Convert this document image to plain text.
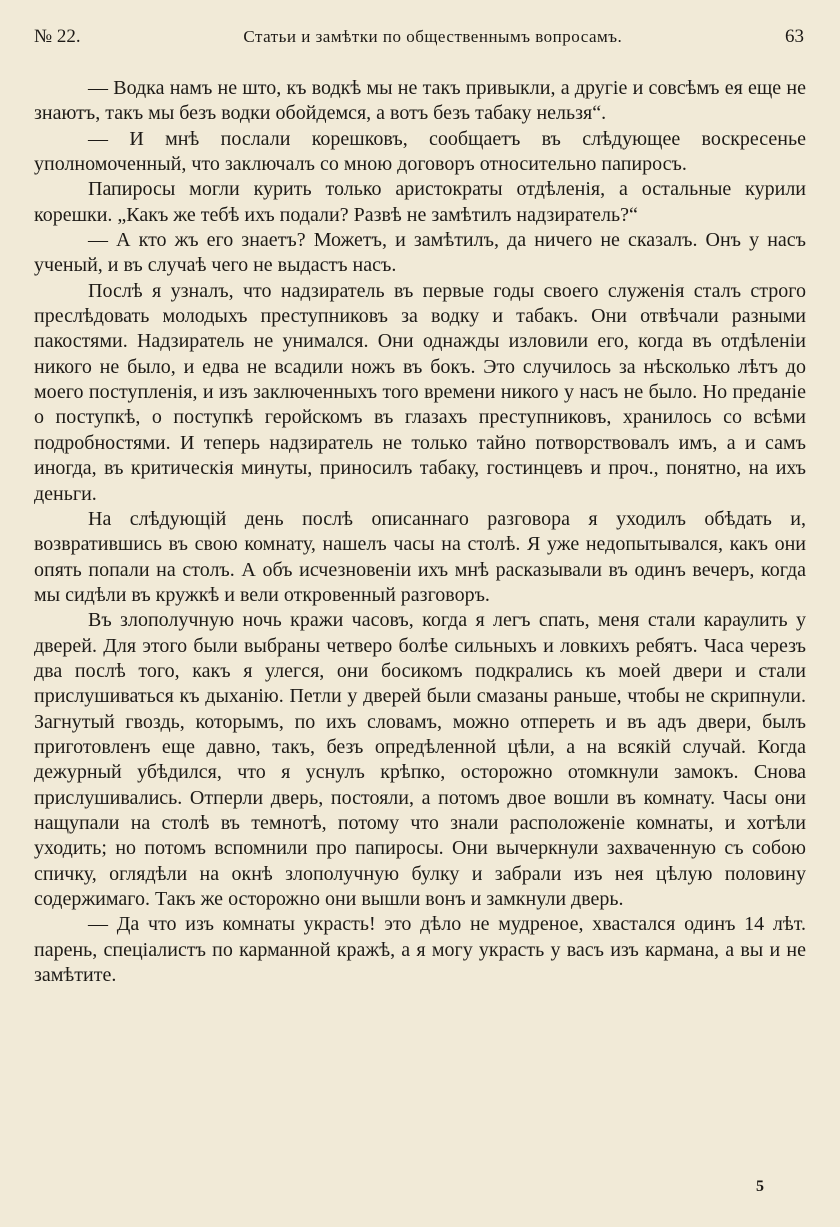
№ 22.	Статьи и замѣтки по общественнымъ вопросамъ.	63

— Водка намъ не што, къ водкѣ мы не такъ привыкли, а другіе и совсѣмъ ея еще не знаютъ, такъ мы безъ водки обойдемся, а вотъ безъ табаку нельзя“.

— И мнѣ послали корешковъ, сообщаетъ въ слѣдующее воскресенье уполномоченный, что заключалъ со мною договоръ относительно папиросъ.

Папиросы могли курить только аристократы отдѣленія, а остальные курили корешки. „Какъ же тебѣ ихъ подали? Развѣ не замѣтилъ надзиратель?“

— А кто жъ его знаетъ? Можетъ, и замѣтилъ, да ничего не сказалъ. Онъ у насъ ученый, и въ случаѣ чего не выдастъ насъ.

Послѣ я узналъ, что надзиратель въ первые годы своего служенія сталъ строго преслѣдовать молодыхъ преступниковъ за водку и табакъ. Они отвѣчали разными пакостями. Надзиратель не унимался. Они однажды изловили его, когда въ отдѣленіи никого не было, и едва не всадили ножъ въ бокъ. Это случилось за нѣсколько лѣтъ до моего поступленія, и изъ заключенныхъ того времени никого у насъ не было. Но преданіе о поступкѣ, о поступкѣ геройскомъ въ глазахъ преступниковъ, хранилось со всѣми подробностями. И теперь надзиратель не только тайно потворствовалъ имъ, а и самъ иногда, въ критическія минуты, приносилъ табаку, гостинцевъ и проч., понятно, на ихъ деньги.

На слѣдующій день послѣ описаннаго разговора я уходилъ обѣдать и, возвратившись въ свою комнату, нашелъ часы на столѣ. Я уже недопытывался, какъ они опять попали на столъ. А объ исчезновеніи ихъ мнѣ расказывали въ одинъ вечеръ, когда мы сидѣли въ кружкѣ и вели откровенный разговоръ.

Въ злополучную ночь кражи часовъ, когда я легъ спать, меня стали караулить у дверей. Для этого были выбраны четверо болѣе сильныхъ и ловкихъ ребятъ. Часа черезъ два послѣ того, какъ я улегся, они босикомъ подкрались къ моей двери и стали прислушиваться къ дыханію. Петли у дверей были смазаны раньше, чтобы не скрипнули. Загнутый гвоздь, которымъ, по ихъ словамъ, можно отпереть и въ адъ двери, былъ приготовленъ еще давно, такъ, безъ опредѣленной цѣли, а на всякій случай. Когда дежурный убѣдился, что я уснулъ крѣпко, осторожно отомкнули замокъ. Снова прислушивались. Отперли дверь, постояли, а потомъ двое вошли въ комнату. Часы они нащупали на столѣ въ темнотѣ, потому что знали расположеніе комнаты, и хотѣли уходить; но потомъ вспомнили про папиросы. Они вычеркнули захваченную съ собою спичку, оглядѣли на окнѣ злополучную булку и забрали изъ нея цѣлую половину содержимаго. Такъ же осторожно они вышли вонъ и замкнули дверь.

— Да что изъ комнаты украсть! это дѣло не мудреное, хвастался одинъ 14 лѣт. парень, спеціалистъ по карманной кражѣ, а я могу украсть у васъ изъ кармана, а вы и не замѣтите.

5
